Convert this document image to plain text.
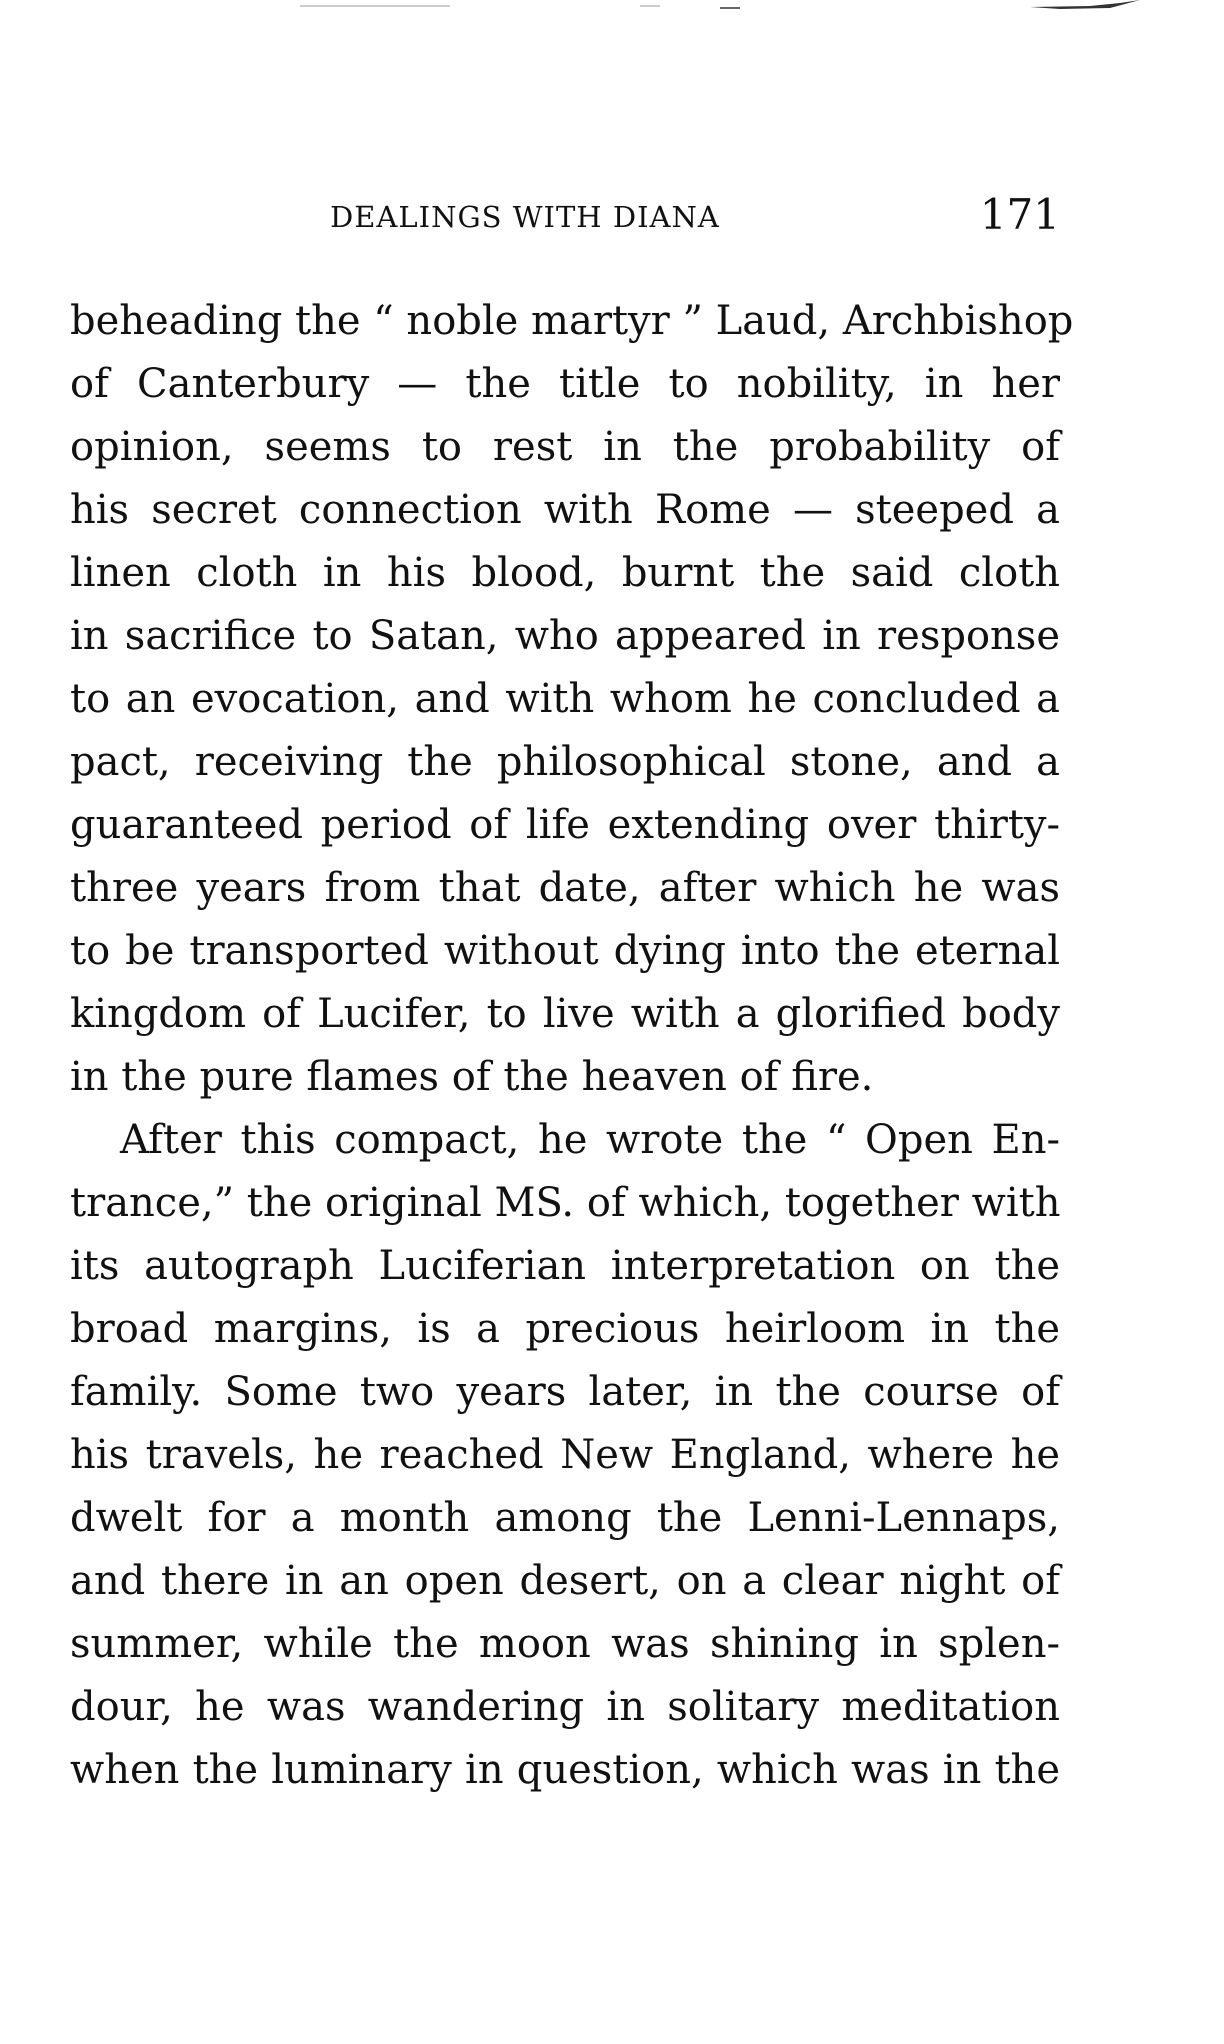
DEALINGS WITH DIANA	171
beheading the “ noble martyr ” Laud, Archbishop
of Canterbury — the title to nobility, in her
opinion, seems to rest in the probability of
his secret connection with Rome — steeped a
linen cloth in his blood, burnt the said cloth
in sacrifice to Satan, who appeared in response
to an evocation, and with whom he concluded a
pact, receiving the philosophical stone, and a
guaranteed period of life extending over thirty-
three years from that date, after which he was
to be transported without dying into the eternal
kingdom of Lucifer, to live with a glorified body
in the pure flames of the heaven of fire.
After this compact, he wrote the “ Open En-
trance,” the original MS. of which, together with
its autograph Luciferian interpretation on the
broad margins, is a precious heirloom in the
family. Some two years later, in the course of
his travels, he reached New England, where he
dwelt for a month among the Lenni-Lennaps,
and there in an open desert, on a clear night of
summer, while the moon was shining in splen-
dour, he was wandering in solitary meditation
when the luminary in question, which was in the
